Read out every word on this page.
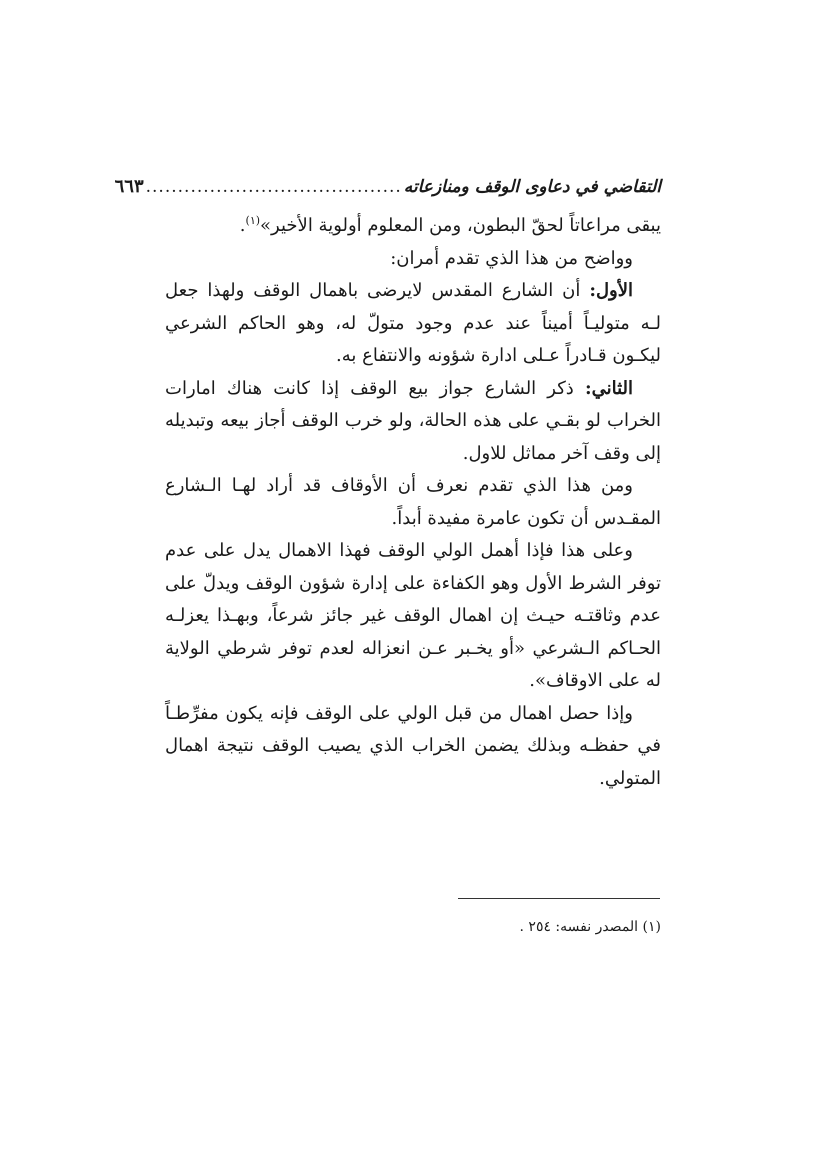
التقاضي في دعاوى الوقف ومنازعاته
........................................
٦٦٣

يبقى مراعاتاً لحقّ البطون، ومن المعلوم أولوية الأخير»$^{(١)}$.

وواضح من هذا الذي تقدم أمران:

الأول: أن الشارع المقدس لايرضى باهمال الوقف ولهذا جعل لـه متوليـاً أميناً عند عدم وجود متولّ له، وهو الحاكم الشرعي ليكـون قـادراً عـلى ادارة شؤونه والانتفاع به.

الثاني: ذكر الشارع جواز بيع الوقف إذا كانت هناك امارات الخراب لو بقـي على هذه الحالة، ولو خرب الوقف أجاز بيعه وتبديله إلى وقف آخر مماثل للاول.

ومن هذا الذي تقدم نعرف أن الأوقاف قد أراد لهـا الـشارع المقـدس أن تكون عامرة مفيدة أبداً.

وعلى هذا فإذا أهمل الولي الوقف فهذا الاهمال يدل على عدم توفر الشرط الأول وهو الكفاءة على إدارة شؤون الوقف ويدلّ على عدم وثاقتـه حيـث إن اهمال الوقف غير جائز شرعاً، وبهـذا يعزلـه الحـاكم الـشرعي «أو يخـبر عـن انعزاله لعدم توفر شرطي الولاية له على الاوقاف».

وإذا حصل اهمال من قبل الولي على الوقف فإنه يكون مفرِّطـاً في حفظـه وبذلك يضمن الخراب الذي يصيب الوقف نتيجة اهمال المتولي.

(١) المصدر نفسه: ٢٥٤ .
